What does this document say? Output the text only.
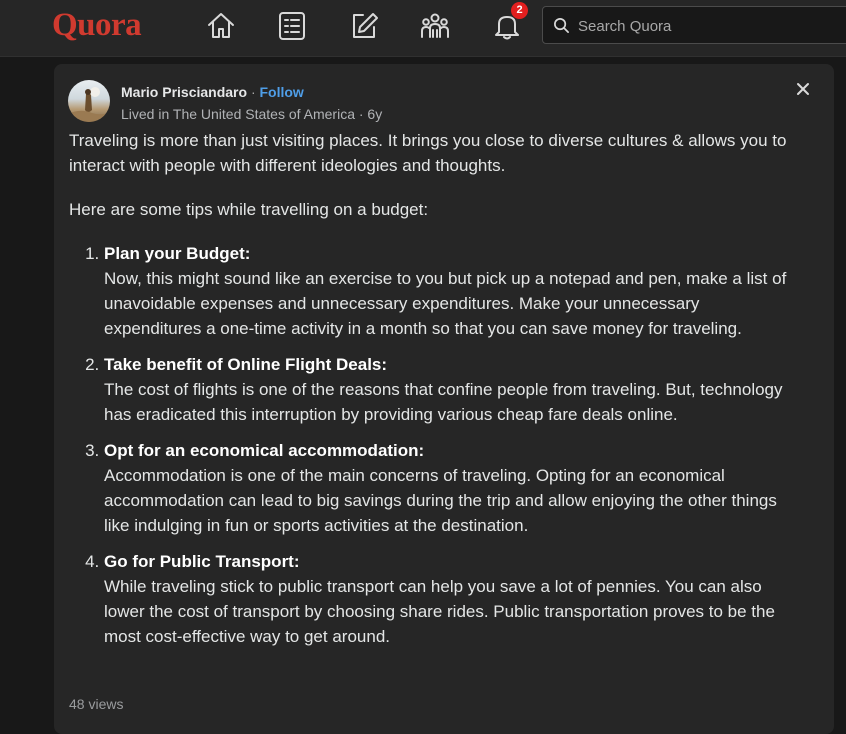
Quora	2
Search Quora
Mario Prisciandaro · Follow
Lived in The United States of America · 6y

Traveling is more than just visiting places. It brings you close to diverse cultures & allows you to interact with people with different ideologies and thoughts.

Here are some tips while travelling on a budget:

1. Plan your Budget:
Now, this might sound like an exercise to you but pick up a notepad and pen, make a list of unavoidable expenses and unnecessary expenditures. Make your unnecessary expenditures a one-time activity in a month so that you can save money for traveling.
2. Take benefit of Online Flight Deals:
The cost of flights is one of the reasons that confine people from traveling. But, technology has eradicated this interruption by providing various cheap fare deals online.
3. Opt for an economical accommodation:
Accommodation is one of the main concerns of traveling. Opting for an economical accommodation can lead to big savings during the trip and allow enjoying the other things like indulging in fun or sports activities at the destination.
4. Go for Public Transport:
While traveling stick to public transport can help you save a lot of pennies. You can also lower the cost of transport by choosing share rides. Public transportation proves to be the most cost-effective way to get around.
48 views
